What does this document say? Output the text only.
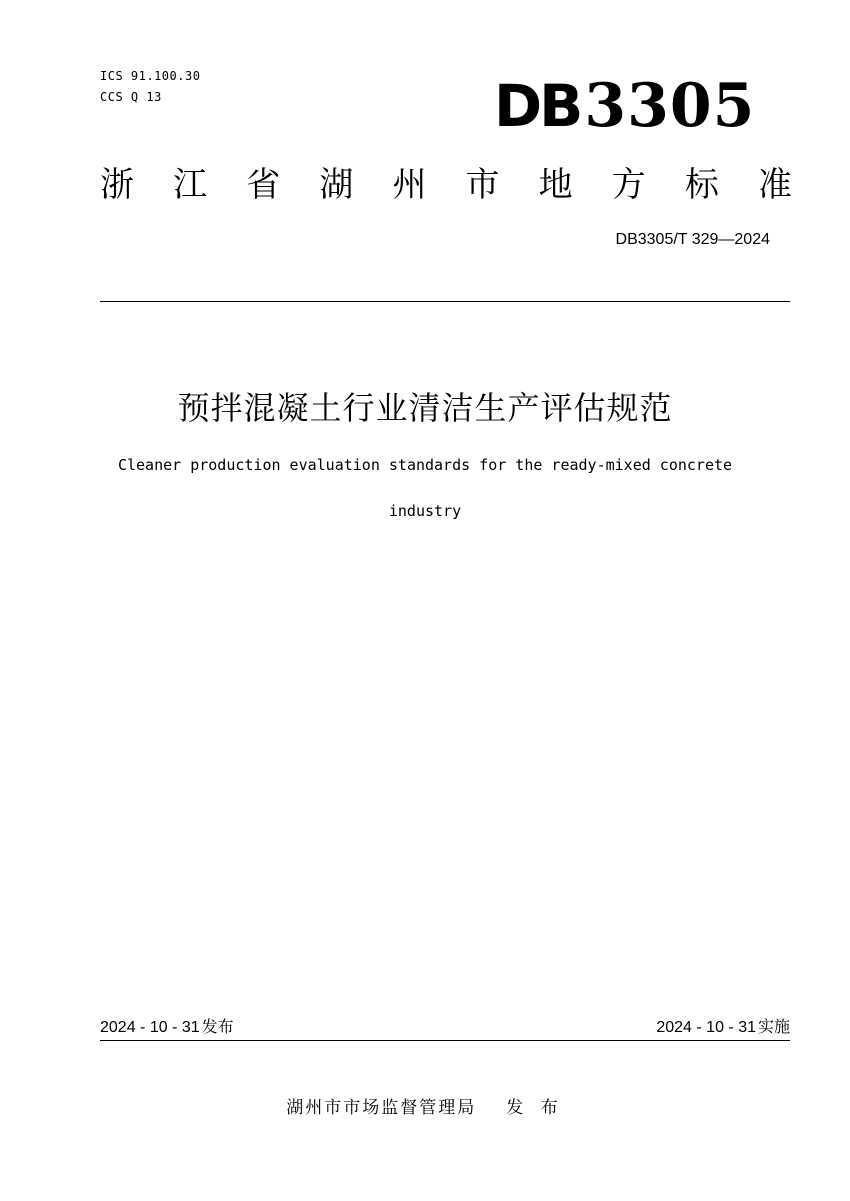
ICS 91.100.30
CCS Q 13	DB3305
浙 江 省 湖 州 市 地 方 标 准
DB3305/T 329—2024
预拌混凝土行业清洁生产评估规范
Cleaner production evaluation standards for the ready-mixed concrete
industry
2024 - 10 - 31 发布	2024 - 10 - 31 实施
湖州市市场监督管理局 发 布
